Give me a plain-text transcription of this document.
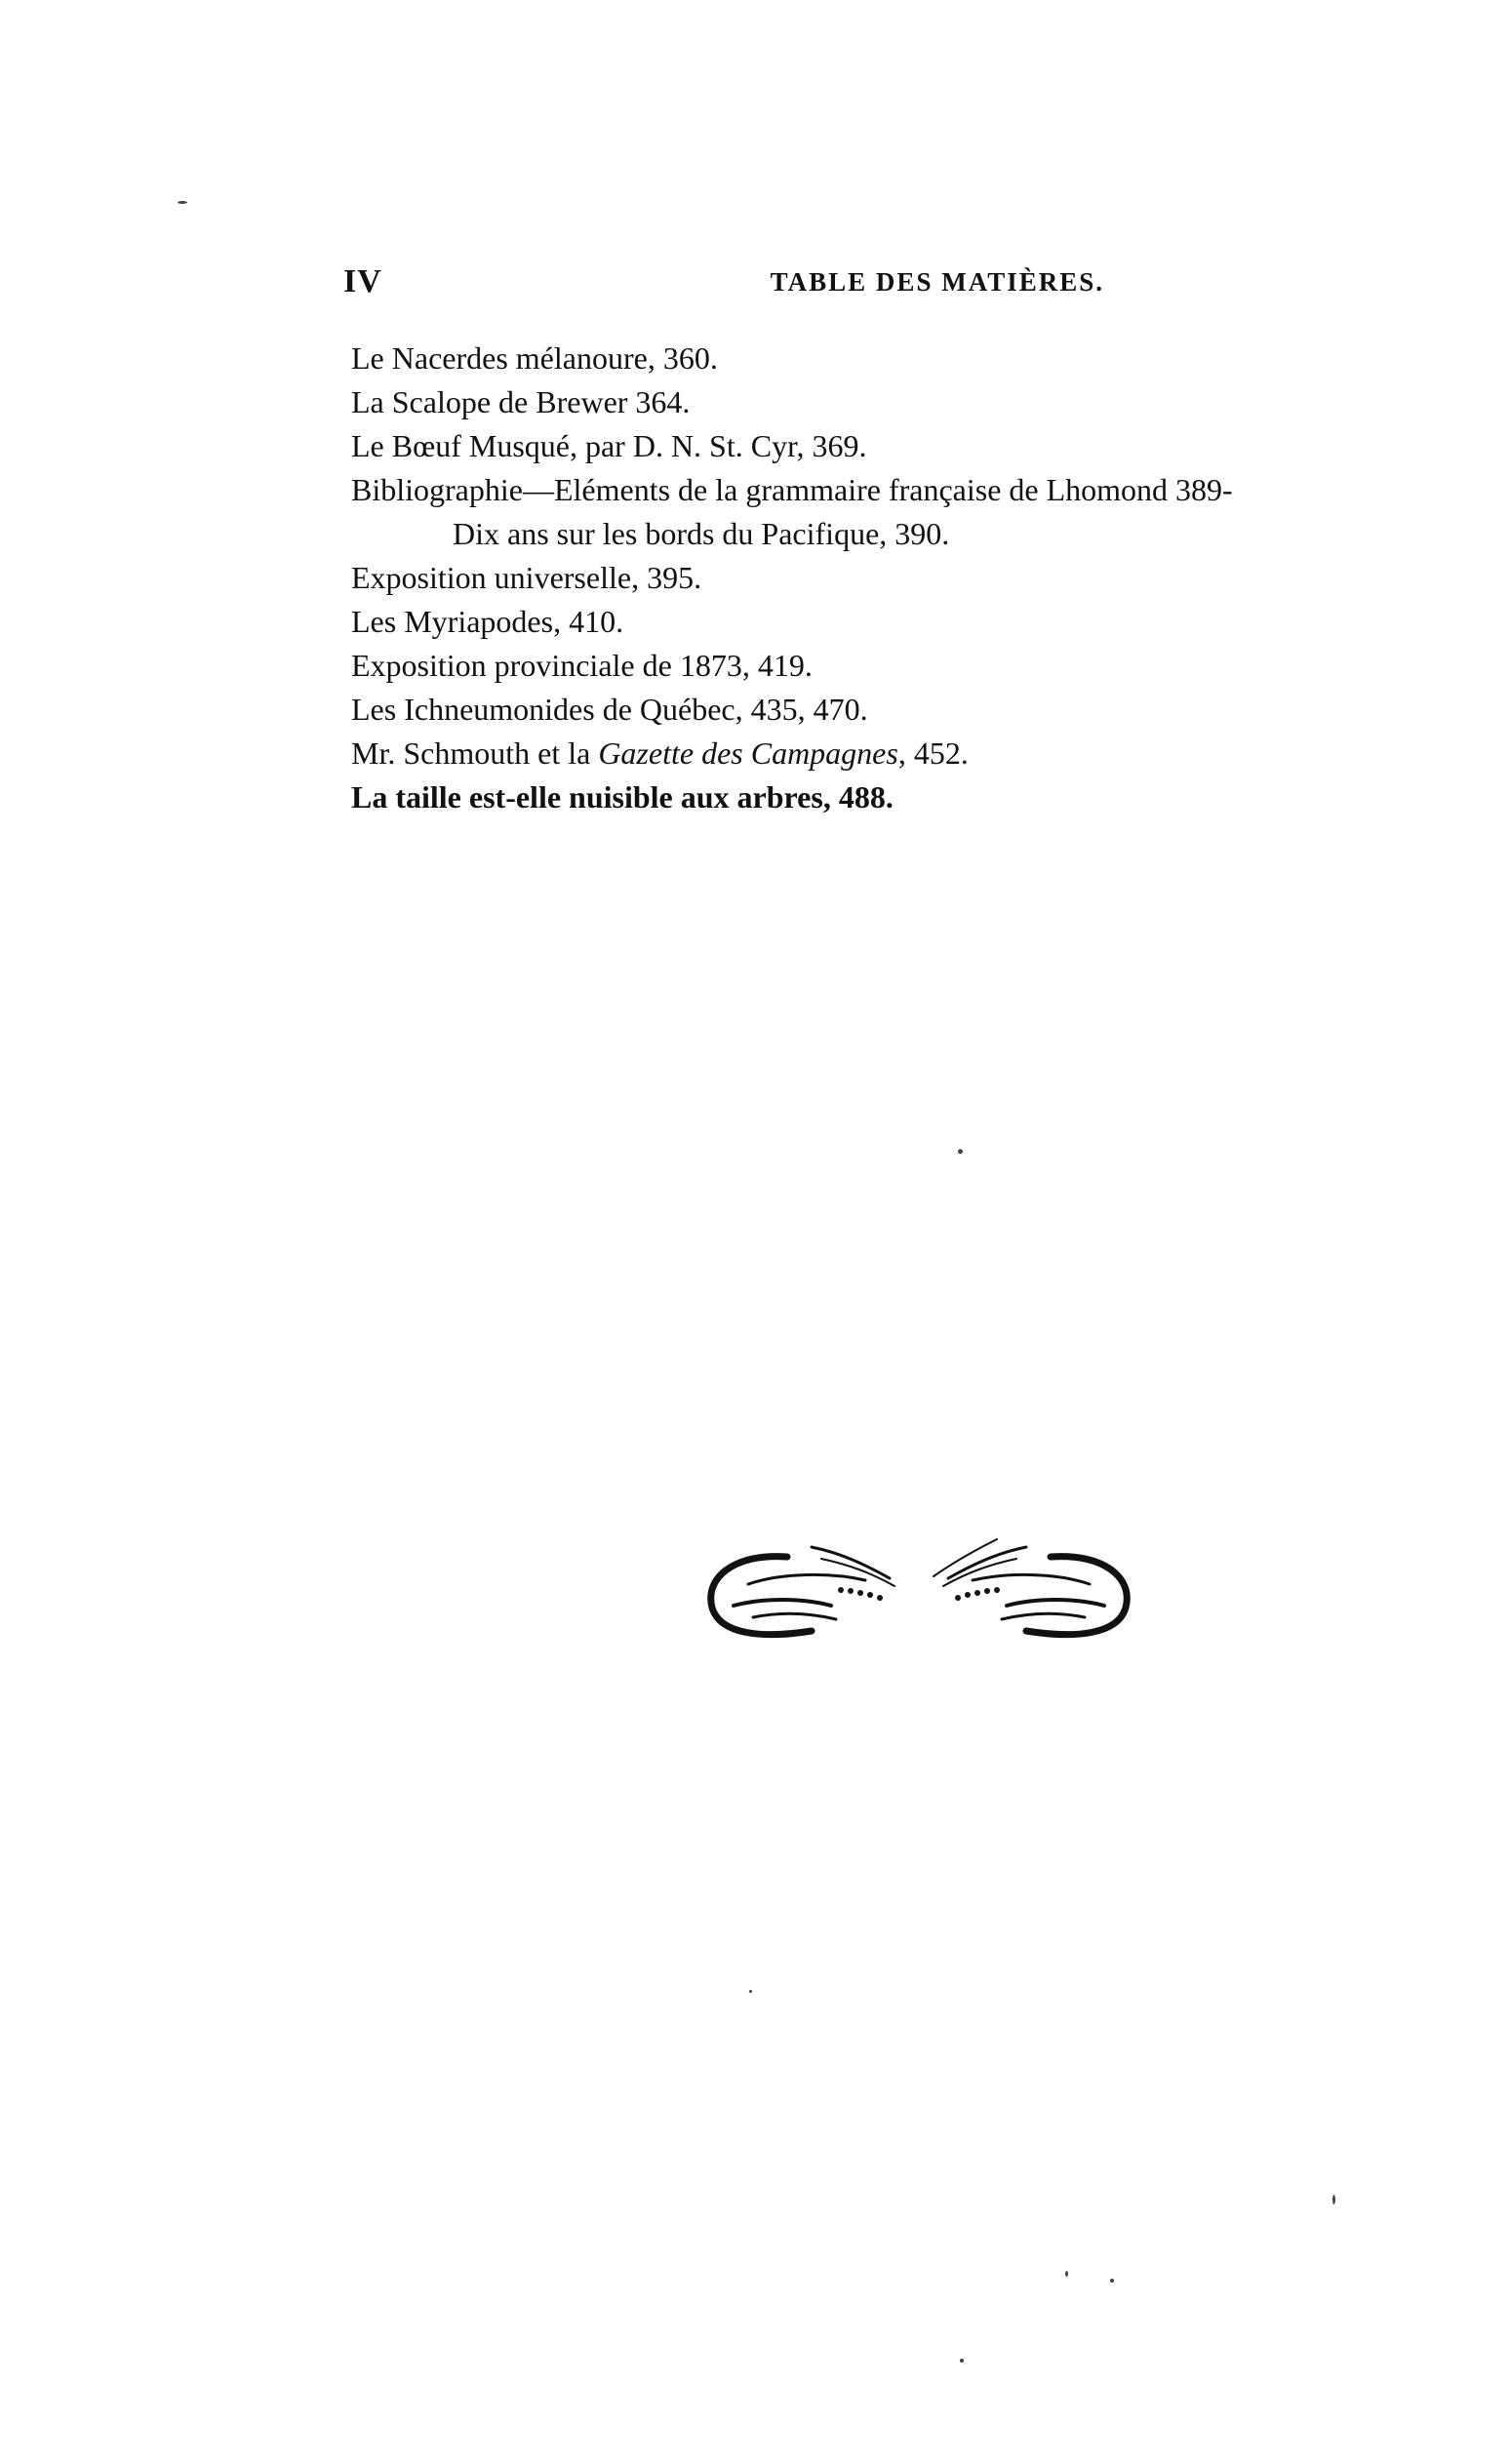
IV	TABLE DES MATIÈRES.
Le Nacerdes mélanoure, 360.
La Scalope de Brewer 364.
Le Bœuf Musqué, par D. N. St. Cyr, 369.
Bibliographie—Eléments de la grammaire française de Lhomond 389-
Dix ans sur les bords du Pacifique, 390.
Exposition universelle, 395.
Les Myriapodes, 410.
Exposition provinciale de 1873, 419.
Les Ichneumonides de Québec, 435, 470.
Mr. Schmouth et la Gazette des Campagnes, 452.
La taille est-elle nuisible aux arbres, 488.
